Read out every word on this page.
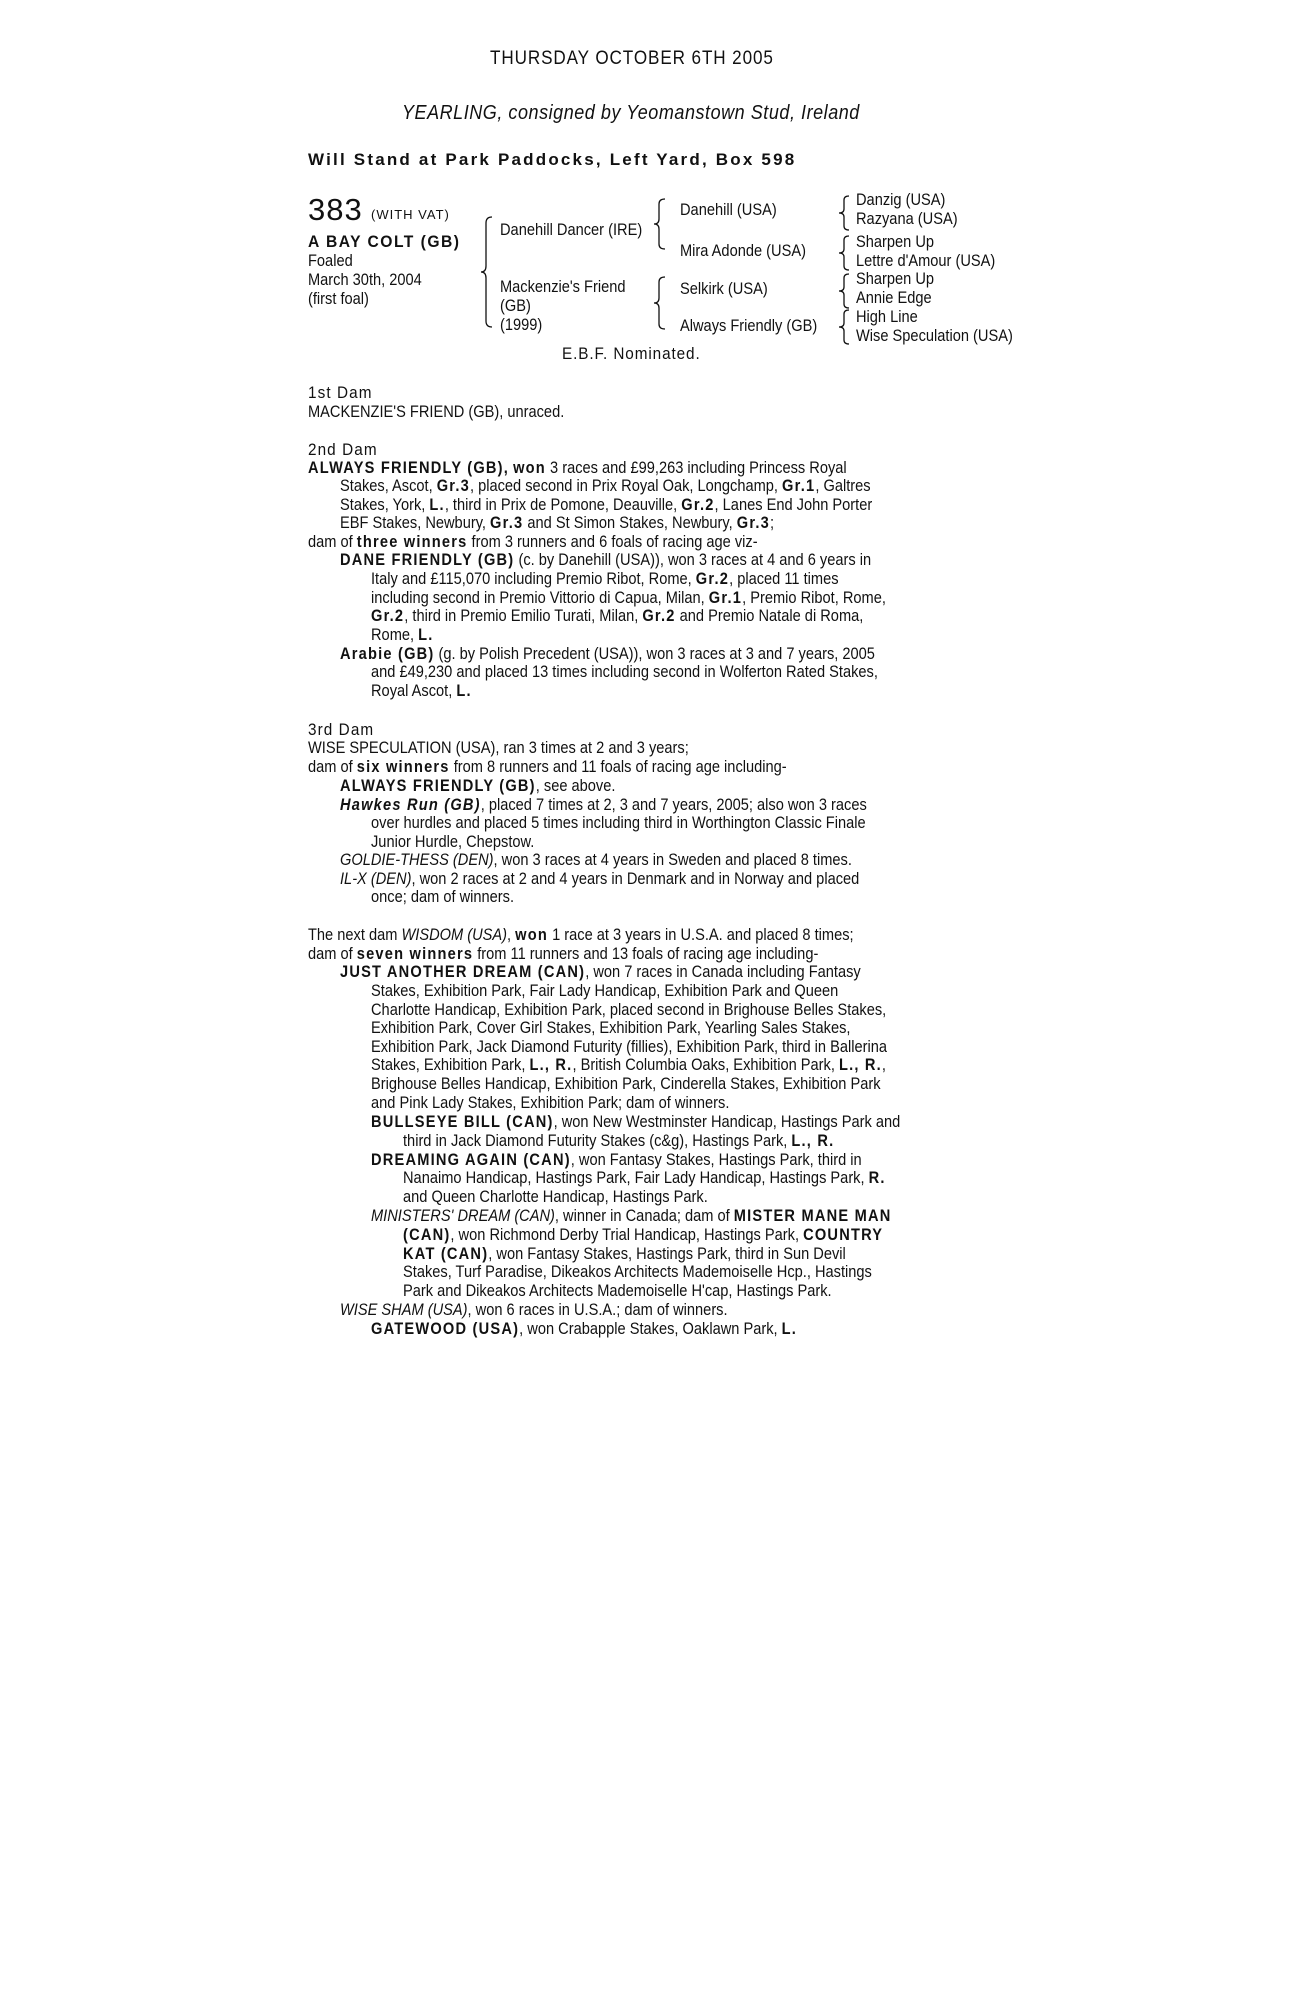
THURSDAY OCTOBER 6TH 2005
YEARLING, consigned by Yeomanstown Stud, Ireland
Will Stand at Park Paddocks, Left Yard, Box 598
383 (WITH VAT)
A BAY COLT (GB)
Foaled
March 30th, 2004
(first foal)
Danehill Dancer (IRE)
Mackenzie's Friend
(GB)
(1999)
Danehill (USA)
Mira Adonde (USA)
Selkirk (USA)
Always Friendly (GB)
Danzig (USA)
Razyana (USA)
Sharpen Up
Lettre d'Amour (USA)
Sharpen Up
Annie Edge
High Line
Wise Speculation (USA)
E.B.F. Nominated.
1st Dam
MACKENZIE'S FRIEND (GB), unraced.
2nd Dam
ALWAYS FRIENDLY (GB), won 3 races and £99,263 including Princess Royal
Stakes, Ascot, Gr.3, placed second in Prix Royal Oak, Longchamp, Gr.1, Galtres
Stakes, York, L., third in Prix de Pomone, Deauville, Gr.2, Lanes End John Porter
EBF Stakes, Newbury, Gr.3 and St Simon Stakes, Newbury, Gr.3;
dam of three winners from 3 runners and 6 foals of racing age viz-
DANE FRIENDLY (GB) (c. by Danehill (USA)), won 3 races at 4 and 6 years in
Italy and £115,070 including Premio Ribot, Rome, Gr.2, placed 11 times
including second in Premio Vittorio di Capua, Milan, Gr.1, Premio Ribot, Rome,
Gr.2, third in Premio Emilio Turati, Milan, Gr.2 and Premio Natale di Roma,
Rome, L.
Arabie (GB) (g. by Polish Precedent (USA)), won 3 races at 3 and 7 years, 2005
and £49,230 and placed 13 times including second in Wolferton Rated Stakes,
Royal Ascot, L.
3rd Dam
WISE SPECULATION (USA), ran 3 times at 2 and 3 years;
dam of six winners from 8 runners and 11 foals of racing age including-
ALWAYS FRIENDLY (GB), see above.
Hawkes Run (GB), placed 7 times at 2, 3 and 7 years, 2005; also won 3 races
over hurdles and placed 5 times including third in Worthington Classic Finale
Junior Hurdle, Chepstow.
GOLDIE-THESS (DEN), won 3 races at 4 years in Sweden and placed 8 times.
IL-X (DEN), won 2 races at 2 and 4 years in Denmark and in Norway and placed
once; dam of winners.
The next dam WISDOM (USA), won 1 race at 3 years in U.S.A. and placed 8 times;
dam of seven winners from 11 runners and 13 foals of racing age including-
JUST ANOTHER DREAM (CAN), won 7 races in Canada including Fantasy
Stakes, Exhibition Park, Fair Lady Handicap, Exhibition Park and Queen
Charlotte Handicap, Exhibition Park, placed second in Brighouse Belles Stakes,
Exhibition Park, Cover Girl Stakes, Exhibition Park, Yearling Sales Stakes,
Exhibition Park, Jack Diamond Futurity (fillies), Exhibition Park, third in Ballerina
Stakes, Exhibition Park, L., R., British Columbia Oaks, Exhibition Park, L., R.,
Brighouse Belles Handicap, Exhibition Park, Cinderella Stakes, Exhibition Park
and Pink Lady Stakes, Exhibition Park; dam of winners.
BULLSEYE BILL (CAN), won New Westminster Handicap, Hastings Park and
third in Jack Diamond Futurity Stakes (c&g), Hastings Park, L., R.
DREAMING AGAIN (CAN), won Fantasy Stakes, Hastings Park, third in
Nanaimo Handicap, Hastings Park, Fair Lady Handicap, Hastings Park, R.
and Queen Charlotte Handicap, Hastings Park.
MINISTERS' DREAM (CAN), winner in Canada; dam of MISTER MANE MAN
(CAN), won Richmond Derby Trial Handicap, Hastings Park, COUNTRY
KAT (CAN), won Fantasy Stakes, Hastings Park, third in Sun Devil
Stakes, Turf Paradise, Dikeakos Architects Mademoiselle Hcp., Hastings
Park and Dikeakos Architects Mademoiselle H'cap, Hastings Park.
WISE SHAM (USA), won 6 races in U.S.A.; dam of winners.
GATEWOOD (USA), won Crabapple Stakes, Oaklawn Park, L.
